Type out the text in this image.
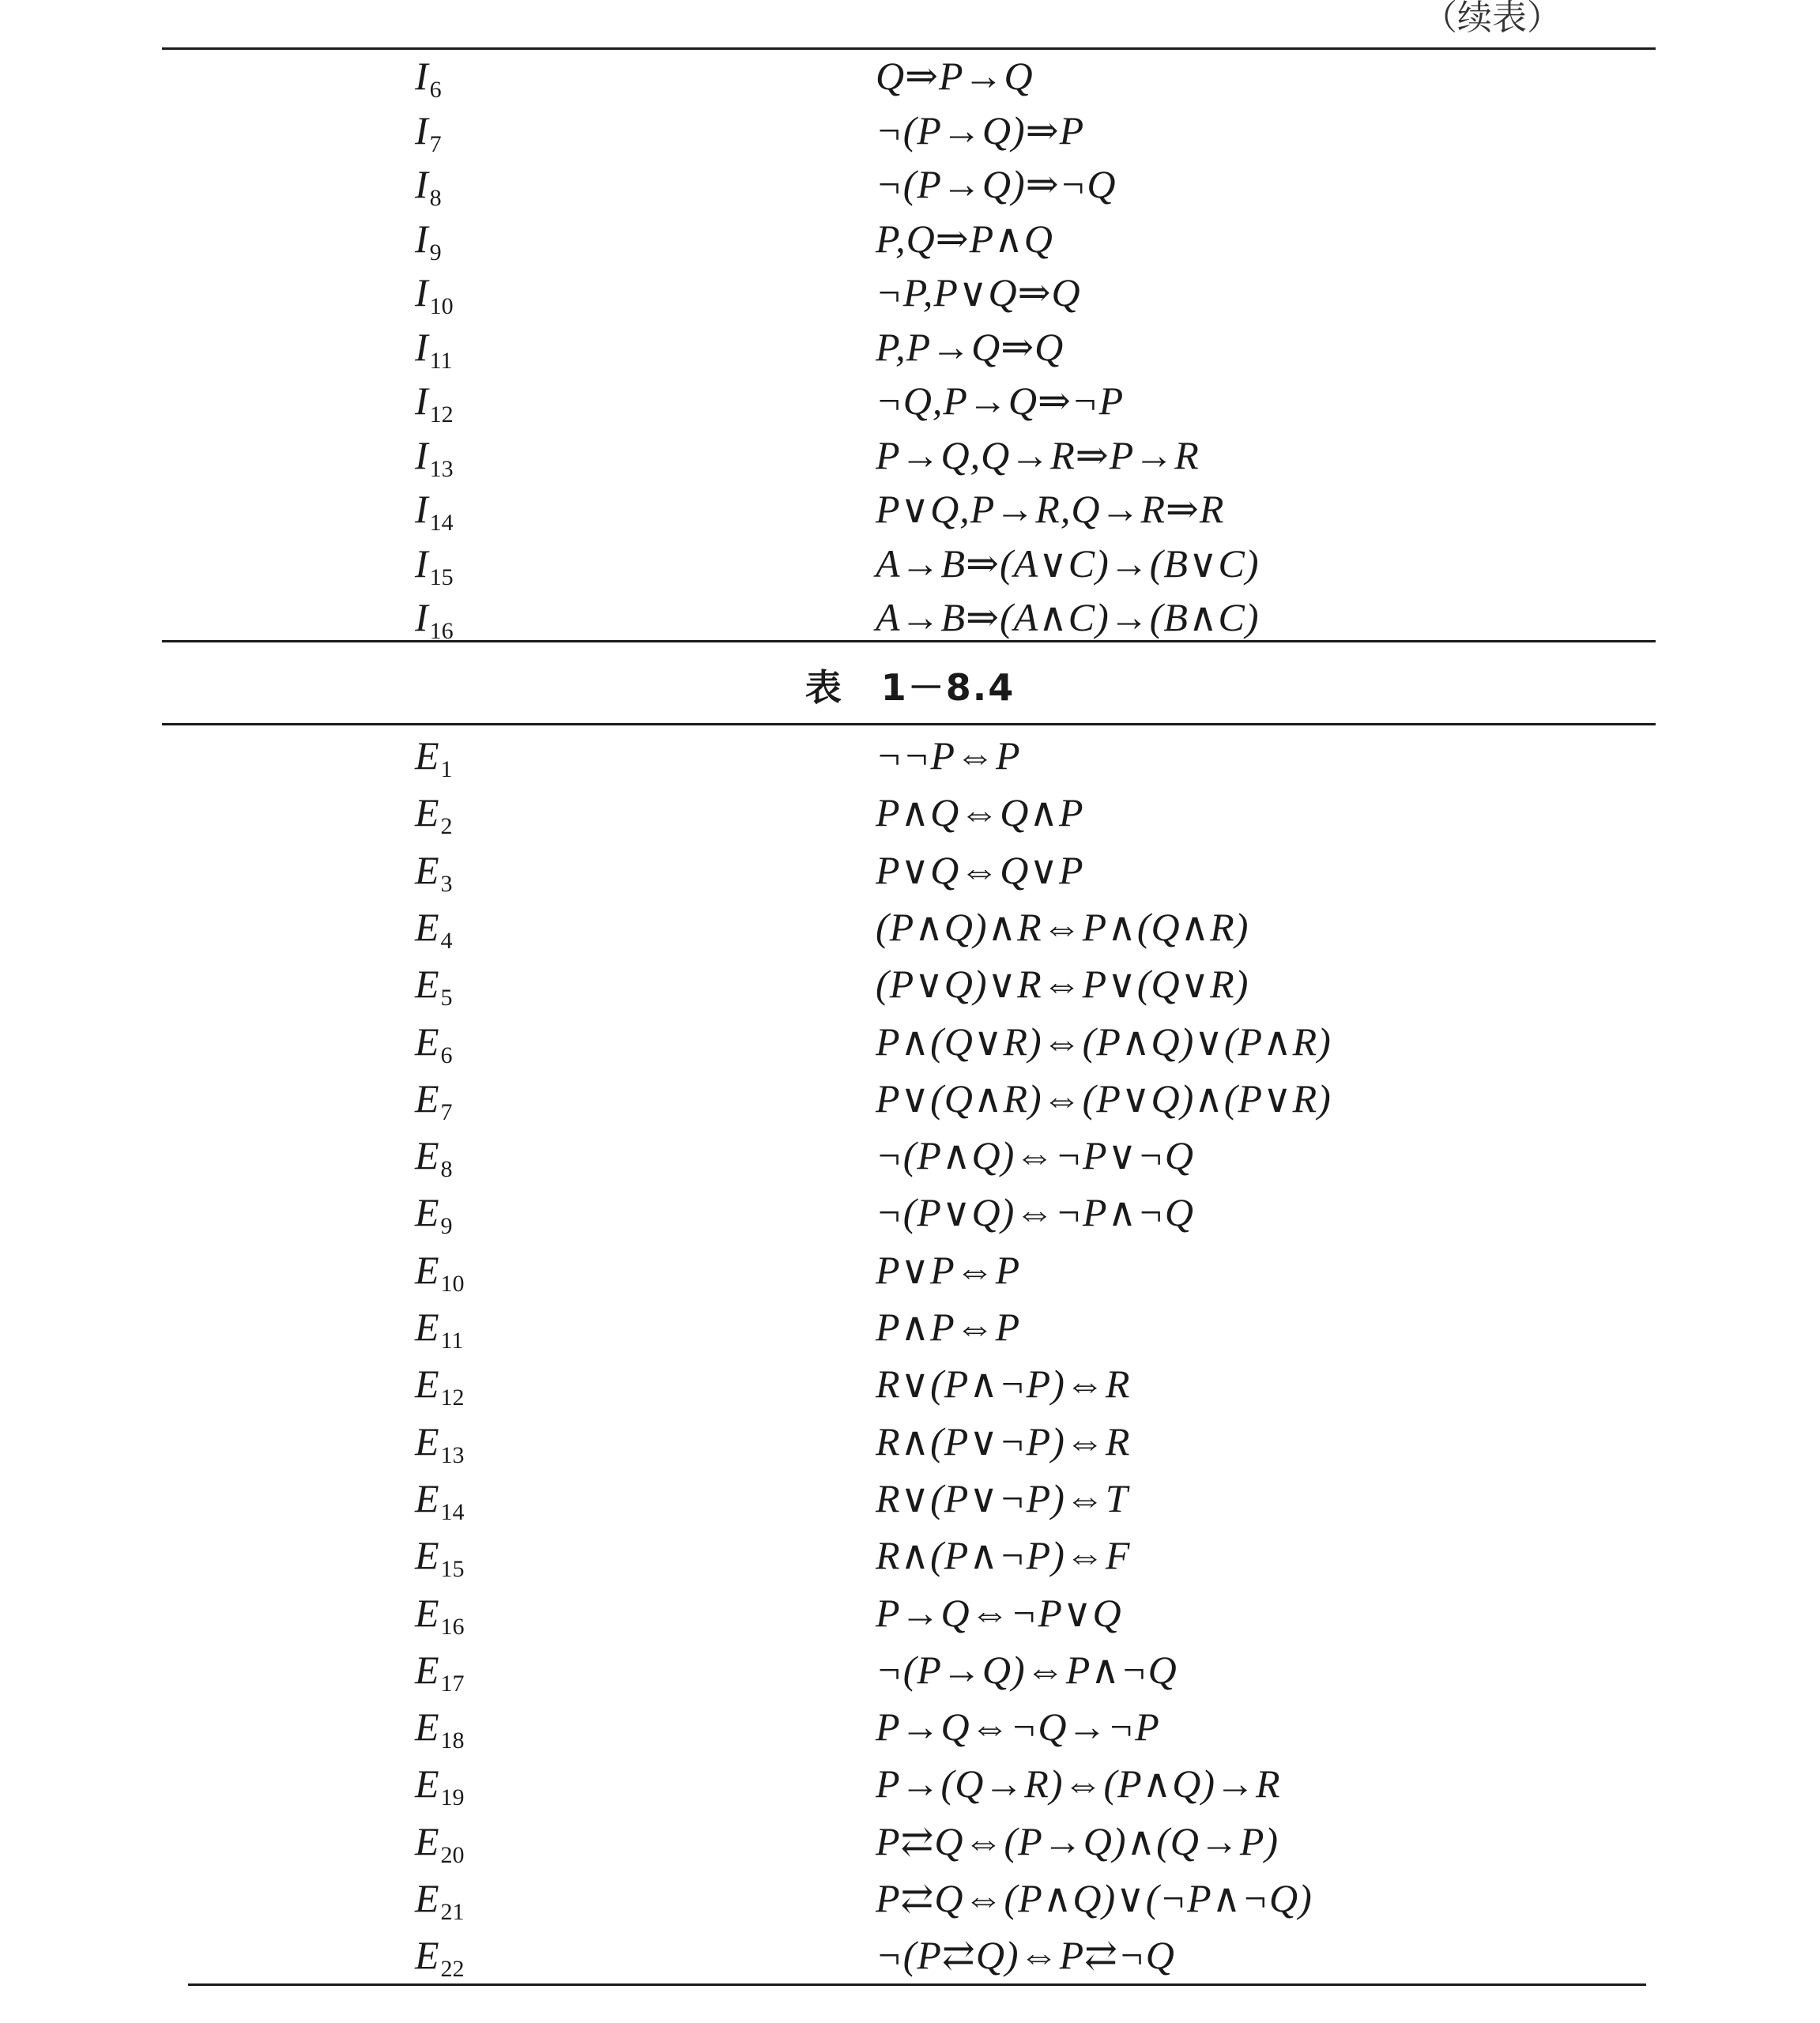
（续表）
$I_6$	Q⇒P→Q
$I_7$	¬(P→Q)⇒P
$I_8$	¬(P→Q)⇒¬Q
$I_9$	P,Q⇒P∧Q
$I_{10}$	¬P,P∨Q⇒Q
$I_{11}$	P,P→Q⇒Q
$I_{12}$	¬Q,P→Q⇒¬P
$I_{13}$	P→Q,Q→R⇒P→R
$I_{14}$	P∨Q,P→R,Q→R⇒R
$I_{15}$	A→B⇒(A∨C)→(B∨C)
$I_{16}$	A→B⇒(A∧C)→(B∧C)
表　1－8.4
$E_1$	¬¬P⇔P
$E_2$	P∧Q⇔Q∧P
$E_3$	P∨Q⇔Q∨P
$E_4$	(P∧Q)∧R⇔P∧(Q∧R)
$E_5$	(P∨Q)∨R⇔P∨(Q∨R)
$E_6$	P∧(Q∨R)⇔(P∧Q)∨(P∧R)
$E_7$	P∨(Q∧R)⇔(P∨Q)∧(P∨R)
$E_8$	¬(P∧Q)⇔¬P∨¬Q
$E_9$	¬(P∨Q)⇔¬P∧¬Q
$E_{10}$	P∨P⇔P
$E_{11}$	P∧P⇔P
$E_{12}$	R∨(P∧¬P)⇔R
$E_{13}$	R∧(P∨¬P)⇔R
$E_{14}$	R∨(P∨¬P)⇔T
$E_{15}$	R∧(P∧¬P)⇔F
$E_{16}$	P→Q⇔¬P∨Q
$E_{17}$	¬(P→Q)⇔P∧¬Q
$E_{18}$	P→Q⇔¬Q→¬P
$E_{19}$	P→(Q→R)⇔(P∧Q)→R
$E_{20}$	P⇄Q⇔(P→Q)∧(Q→P)
$E_{21}$	P⇄Q⇔(P∧Q)∨(¬P∧¬Q)
$E_{22}$	¬(P⇄Q)⇔P⇄¬Q
